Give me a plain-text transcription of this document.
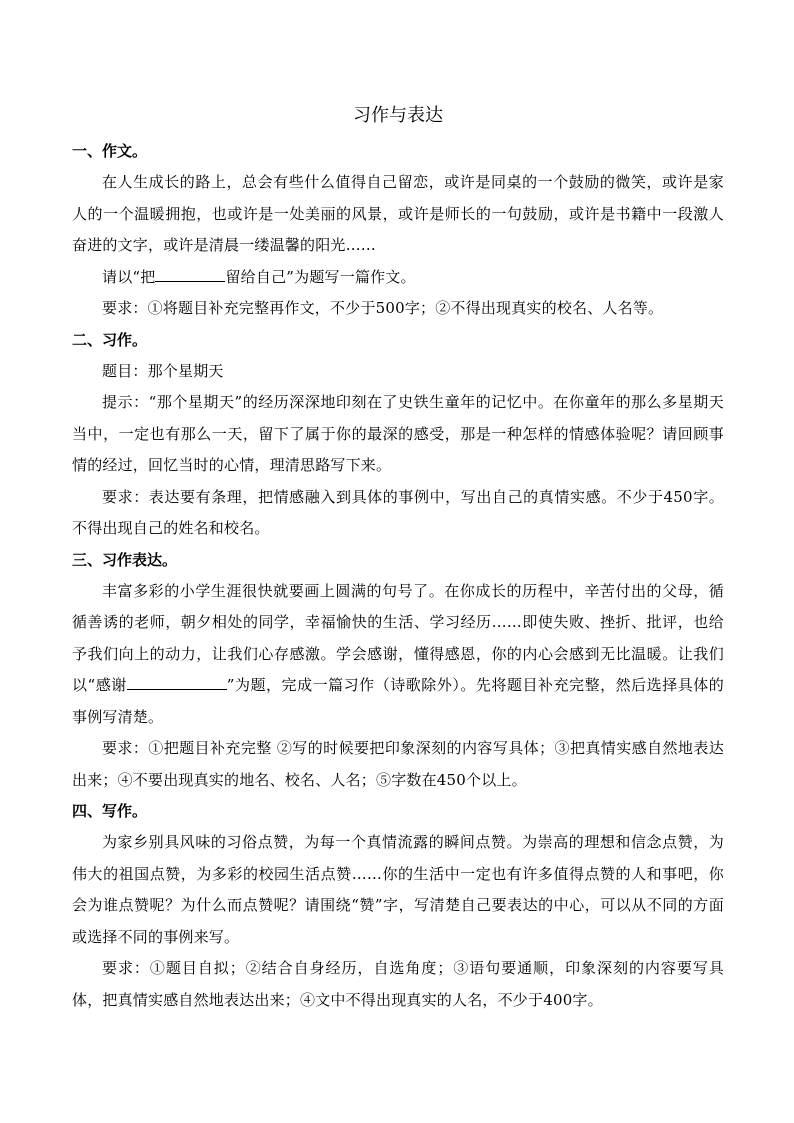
习作与表达
一、作文。
在人生成长的路上，总会有些什么值得自己留恋，或许是同桌的一个鼓励的微笑，或许是家人的一个温暖拥抱，也或许是一处美丽的风景，或许是师长的一句鼓励，或许是书籍中一段激人奋进的文字，或许是清晨一缕温馨的阳光……
请以“把	留给自己”为题写一篇作文。
要求：①将题目补充完整再作文，不少于500字；②不得出现真实的校名、人名等。
二、习作。
题目：那个星期天
提示：“那个星期天”的经历深深地印刻在了史铁生童年的记忆中。在你童年的那么多星期天当中，一定也有那么一天，留下了属于你的最深的感受，那是一种怎样的情感体验呢？请回顾事情的经过，回忆当时的心情，理清思路写下来。
要求：表达要有条理，把情感融入到具体的事例中，写出自己的真情实感。不少于450字。不得出现自己的姓名和校名。
三、习作表达。
丰富多彩的小学生涯很快就要画上圆满的句号了。在你成长的历程中，辛苦付出的父母，循循善诱的老师，朝夕相处的同学，幸福愉快的生活、学习经历……即使失败、挫折、批评，也给予我们向上的动力，让我们心存感激。学会感谢，懂得感恩，你的内心会感到无比温暖。让我们以“感谢	”为题，完成一篇习作（诗歌除外）。先将题目补充完整，然后选择具体的事例写清楚。
要求：①把题目补充完整 ②写的时候要把印象深刻的内容写具体；③把真情实感自然地表达出来；④不要出现真实的地名、校名、人名；⑤字数在450个以上。
四、写作。
为家乡别具风味的习俗点赞，为每一个真情流露的瞬间点赞。为崇高的理想和信念点赞，为伟大的祖国点赞，为多彩的校园生活点赞……你的生活中一定也有许多值得点赞的人和事吧，你会为谁点赞呢？为什么而点赞呢？请围绕“赞”字，写清楚自己要表达的中心，可以从不同的方面或选择不同的事例来写。
要求：①题目自拟；②结合自身经历，自选角度；③语句要通顺，印象深刻的内容要写具体，把真情实感自然地表达出来；④文中不得出现真实的人名，不少于400字。
